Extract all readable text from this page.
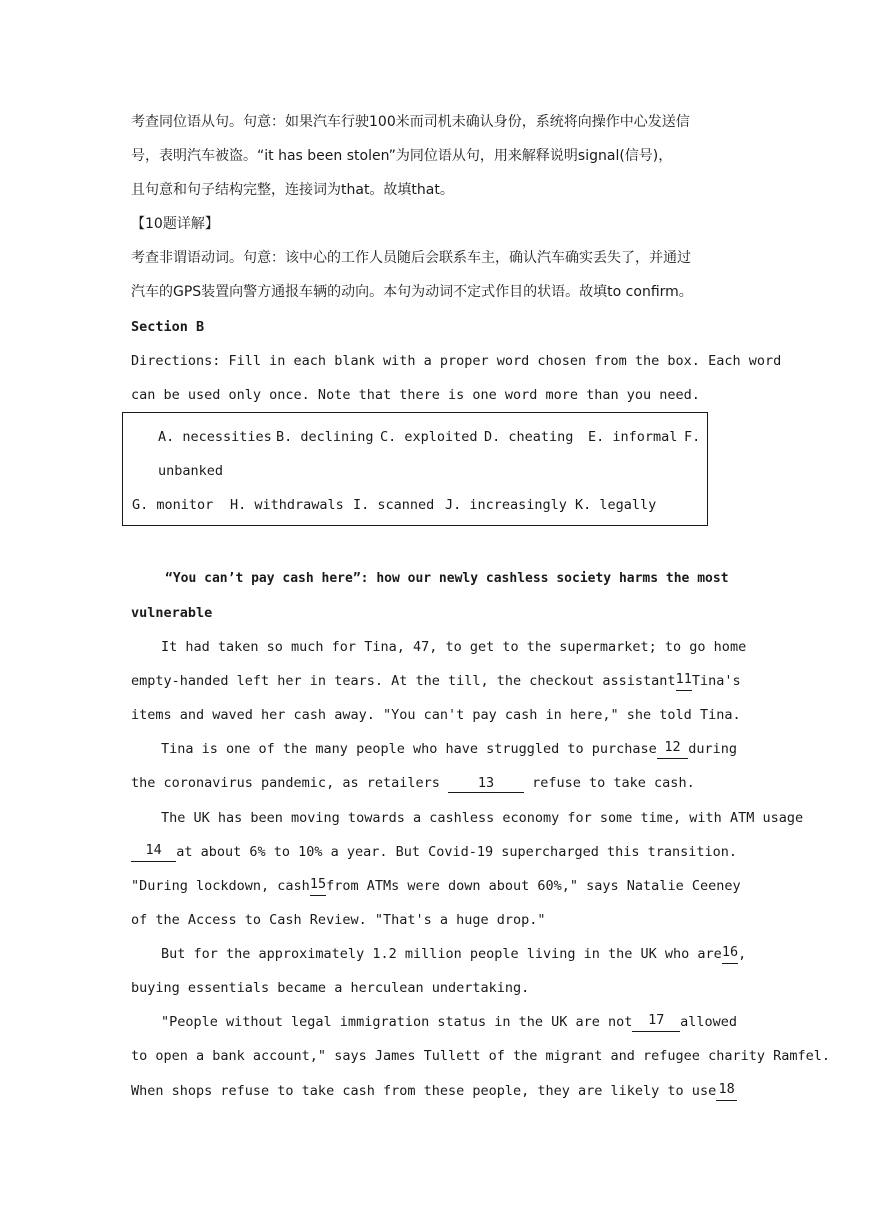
考查同位语从句。句意：如果汽车行驶100米而司机未确认身份，系统将向操作中心发送信
号，表明汽车被盗。“it has been stolen”为同位语从句，用来解释说明signal(信号)，
且句意和句子结构完整，连接词为that。故填that。
【10题详解】
考查非谓语动词。句意：该中心的工作人员随后会联系车主，确认汽车确实丢失了，并通过
汽车的GPS装置向警方通报车辆的动向。本句为动词不定式作目的状语。故填to confirm。
Section B
Directions: Fill in each blank with a proper word chosen from the box. Each word
can be used only once. Note that there is one word more than you need.
A. necessities B. declining C. exploited D. cheating E. informal F.
unbanked
G. monitor H. withdrawals I. scanned J. increasingly K. legally
“You can’t pay cash here”: how our newly cashless society harms the most
vulnerable
It had taken so much for Tina, 47, to get to the supermarket; to go home
empty-handed left her in tears. At the till, the checkout assistant 11 Tina's
items and waved her cash away. "You can't pay cash in here," she told Tina.
Tina is one of the many people who have struggled to purchase 12 during
the coronavirus pandemic, as retailers	13	refuse to take cash.
The UK has been moving towards a cashless economy for some time, with ATM usage
14	at about 6% to 10% a year. But Covid-19 supercharged this transition.
"During lockdown, cash 15 from ATMs were down about 60%," says Natalie Ceeney
of the Access to Cash Review. "That's a huge drop."
But for the approximately 1.2 million people living in the UK who are 16 ,
buying essentials became a herculean undertaking.
"People without legal immigration status in the UK are not	17	allowed
to open a bank account," says James Tullett of the migrant and refugee charity Ramfel.
When shops refuse to take cash from these people, they are likely to use 18
